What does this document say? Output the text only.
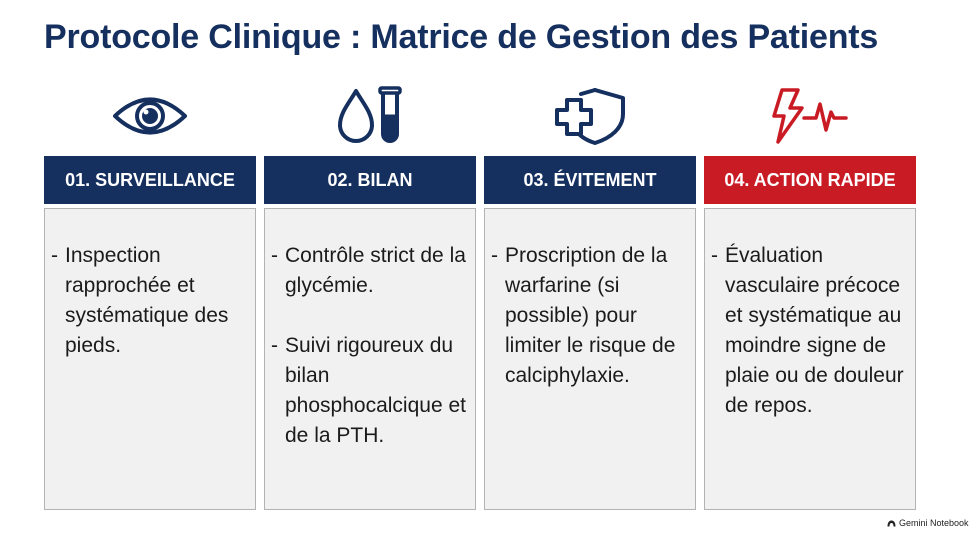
Protocole Clinique : Matrice de Gestion des Patients
01. SURVEILLANCE
- Inspection rapprochée et systématique des pieds.
02. BILAN
- Contrôle strict de la glycémie.
- Suivi rigoureux du bilan phosphocalcique et de la PTH.
03. ÉVITEMENT
- Proscription de la warfarine (si possible) pour limiter le risque de calciphylaxie.
04. ACTION RAPIDE
- Évaluation vasculaire précoce et systématique au moindre signe de plaie ou de douleur de repos.
Gemini Notebook
